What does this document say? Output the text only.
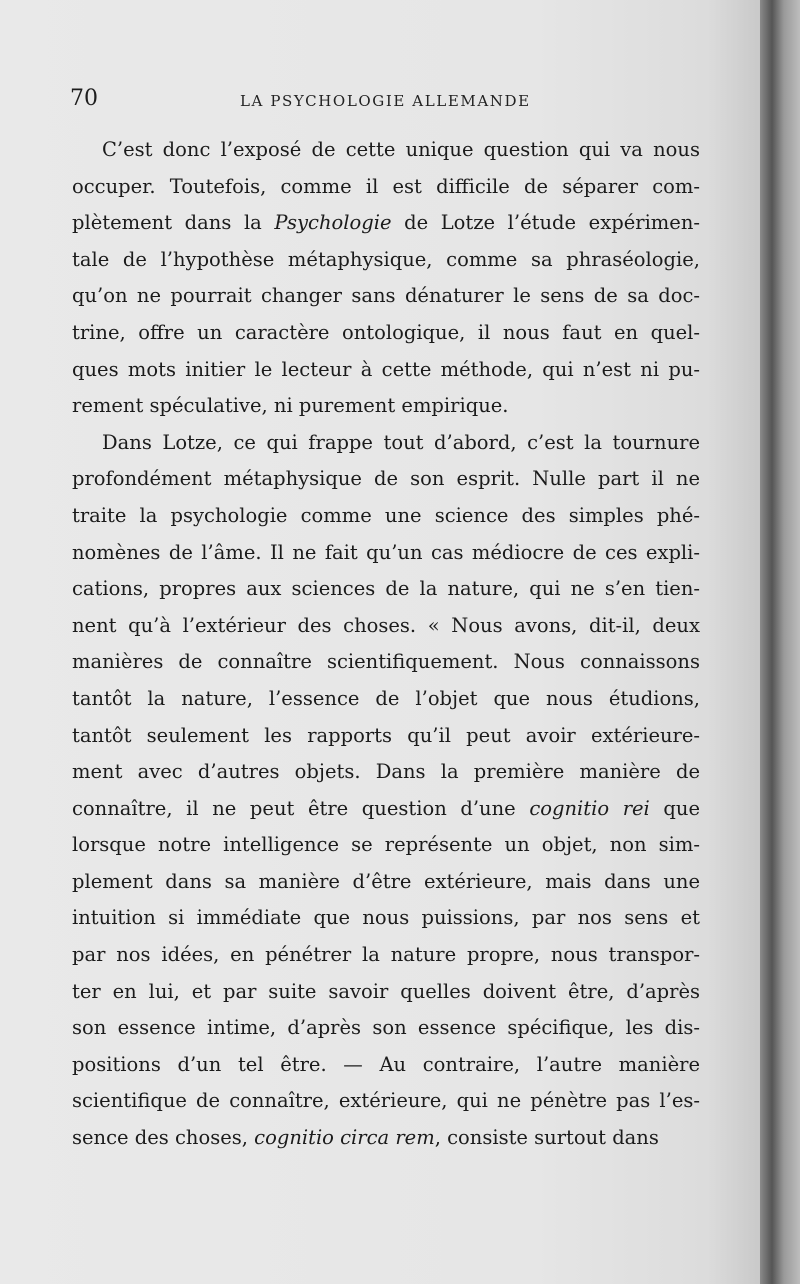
70	LA PSYCHOLOGIE ALLEMANDE
C’est donc l’exposé de cette unique question qui va nous
occuper. Toutefois, comme il est difficile de séparer com-
plètement dans la Psychologie de Lotze l’étude expérimen-
tale de l’hypothèse métaphysique, comme sa phraséologie,
qu’on ne pourrait changer sans dénaturer le sens de sa doc-
trine, offre un caractère ontologique, il nous faut en quel-
ques mots initier le lecteur à cette méthode, qui n’est ni pu-
rement spéculative, ni purement empirique.
Dans Lotze, ce qui frappe tout d’abord, c’est la tournure
profondément métaphysique de son esprit. Nulle part il ne
traite la psychologie comme une science des simples phé-
nomènes de l’âme. Il ne fait qu’un cas médiocre de ces expli-
cations, propres aux sciences de la nature, qui ne s’en tien-
nent qu’à l’extérieur des choses. « Nous avons, dit-il, deux
manières de connaître scientifiquement. Nous connaissons
tantôt la nature, l’essence de l’objet que nous étudions,
tantôt seulement les rapports qu’il peut avoir extérieure-
ment avec d’autres objets. Dans la première manière de
connaître, il ne peut être question d’une cognitio rei que
lorsque notre intelligence se représente un objet, non sim-
plement dans sa manière d’être extérieure, mais dans une
intuition si immédiate que nous puissions, par nos sens et
par nos idées, en pénétrer la nature propre, nous transpor-
ter en lui, et par suite savoir quelles doivent être, d’après
son essence intime, d’après son essence spécifique, les dis-
positions d’un tel être. — Au contraire, l’autre manière
scientifique de connaître, extérieure, qui ne pénètre pas l’es-
sence des choses, cognitio circa rem, consiste surtout dans
